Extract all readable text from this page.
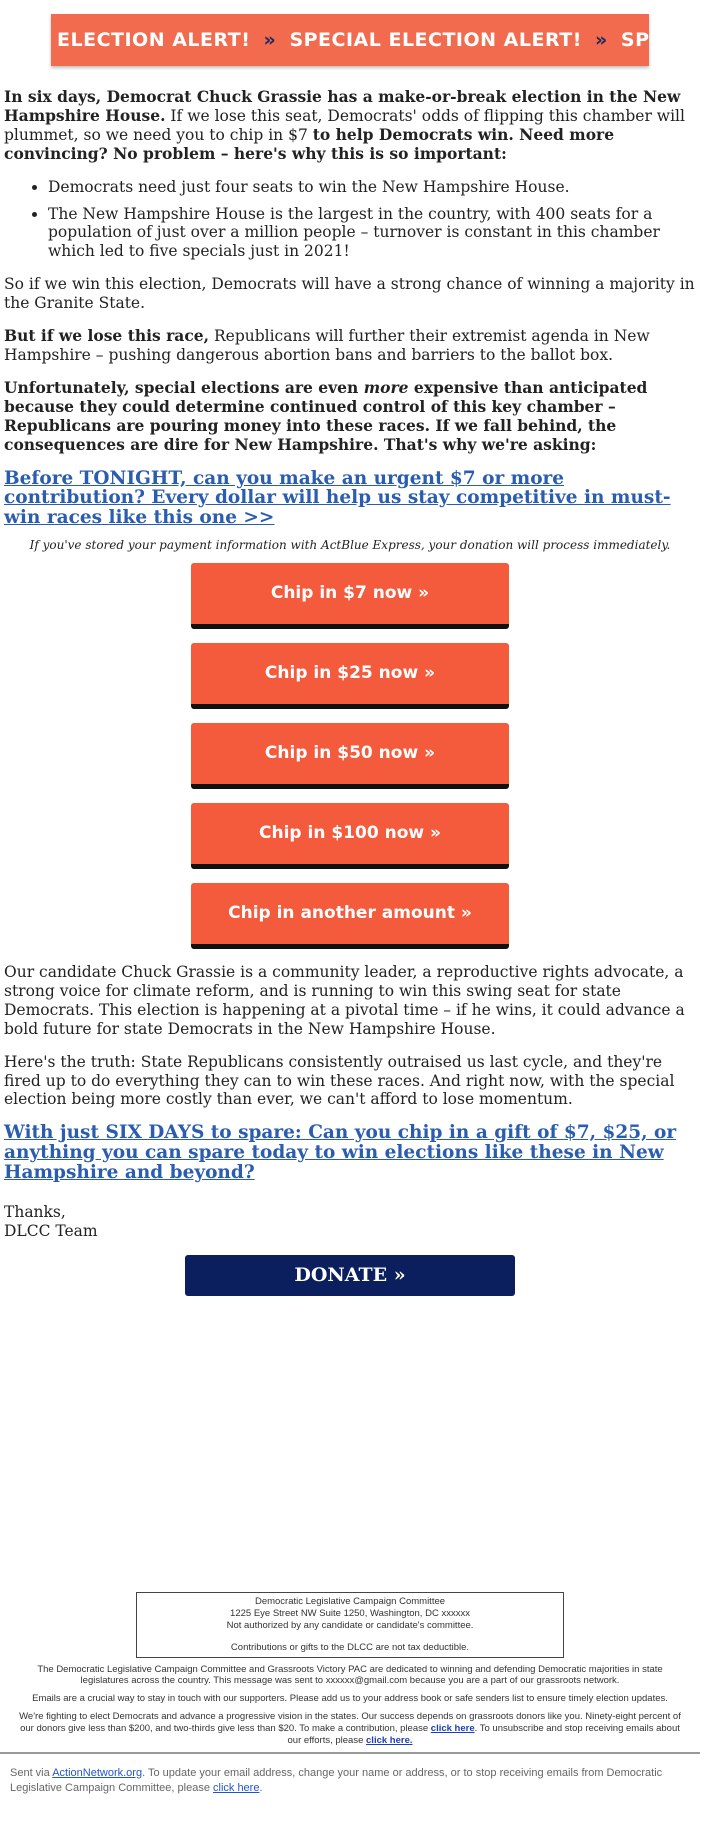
ELECTION ALERT! » SPECIAL ELECTION ALERT! » SPECIAL

In six days, Democrat Chuck Grassie has a make-or-break election in the New Hampshire House. If we lose this seat, Democrats' odds of flipping this chamber will plummet, so we need you to chip in $7 to help Democrats win. Need more convincing? No problem – here's why this is so important:

• Democrats need just four seats to win the New Hampshire House.
• The New Hampshire House is the largest in the country, with 400 seats for a population of just over a million people – turnover is constant in this chamber which led to five specials just in 2021!

So if we win this election, Democrats will have a strong chance of winning a majority in the Granite State.

But if we lose this race, Republicans will further their extremist agenda in New Hampshire – pushing dangerous abortion bans and barriers to the ballot box.

Unfortunately, special elections are even more expensive than anticipated because they could determine continued control of this key chamber – Republicans are pouring money into these races. If we fall behind, the consequences are dire for New Hampshire. That's why we're asking:

Before TONIGHT, can you make an urgent $7 or more contribution? Every dollar will help us stay competitive in must-win races like this one >>
If you've stored your payment information with ActBlue Express, your donation will process immediately.
Chip in $7 now »
Chip in $25 now »
Chip in $50 now »
Chip in $100 now »
Chip in another amount »

Our candidate Chuck Grassie is a community leader, a reproductive rights advocate, a strong voice for climate reform, and is running to win this swing seat for state Democrats. This election is happening at a pivotal time – if he wins, it could advance a bold future for state Democrats in the New Hampshire House.

Here's the truth: State Republicans consistently outraised us last cycle, and they're fired up to do everything they can to win these races. And right now, with the special election being more costly than ever, we can't afford to lose momentum.

With just SIX DAYS to spare: Can you chip in a gift of $7, $25, or anything you can spare today to win elections like these in New Hampshire and beyond?

Thanks,
DLCC Team

DONATE »
Democratic Legislative Campaign Committee
1225 Eye Street NW Suite 1250, Washington, DC xxxxxx
Not authorized by any candidate or candidate's committee.
Contributions or gifts to the DLCC are not tax deductible.

The Democratic Legislative Campaign Committee and Grassroots Victory PAC are dedicated to winning and defending Democratic majorities in state legislatures across the country. This message was sent to xxxxxx@gmail.com because you are a part of our grassroots network.

Emails are a crucial way to stay in touch with our supporters. Please add us to your address book or safe senders list to ensure timely election updates.

We're fighting to elect Democrats and advance a progressive vision in the states. Our success depends on grassroots donors like you. Ninety-eight percent of our donors give less than $200, and two-thirds give less than $20. To make a contribution, please click here. To unsubscribe and stop receiving emails about our efforts, please click here.

Sent via ActionNetwork.org. To update your email address, change your name or address, or to stop receiving emails from Democratic Legislative Campaign Committee, please click here.
